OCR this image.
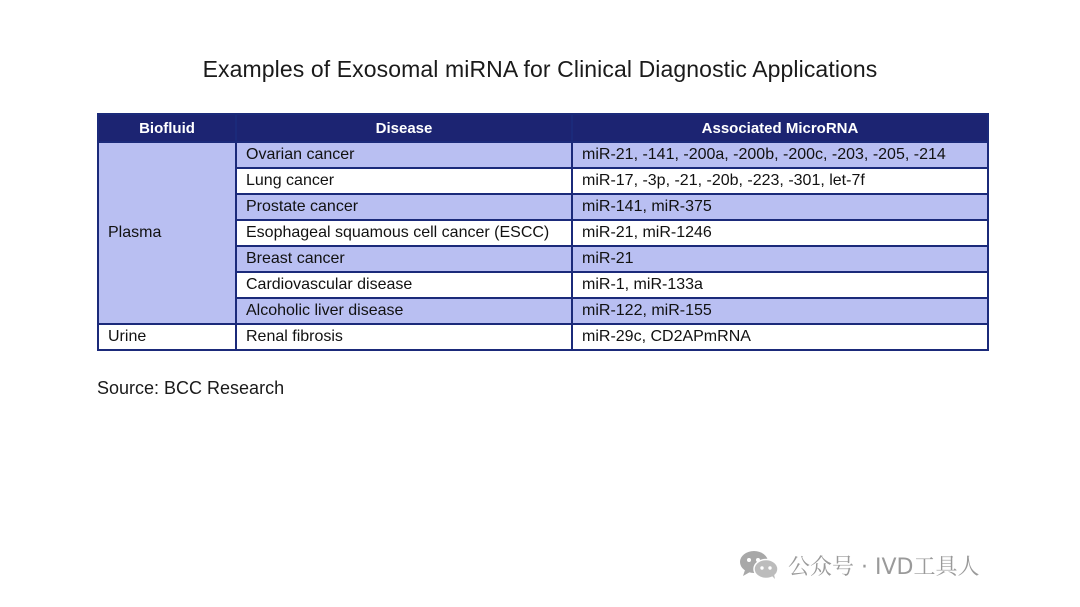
Examples of Exosomal miRNA for Clinical Diagnostic Applications
Biofluid	Disease	Associated MicroRNA
Plasma	Ovarian cancer	miR-21, -141, -200a, -200b, -200c, -203, -205, -214
	Lung cancer	miR-17, -3p, -21, -20b, -223, -301, let-7f
	Prostate cancer	miR-141, miR-375
	Esophageal squamous cell cancer (ESCC)	miR-21, miR-1246
	Breast cancer	miR-21
	Cardiovascular disease	miR-1, miR-133a
	Alcoholic liver disease	miR-122, miR-155
Urine	Renal fibrosis	miR-29c, CD2APmRNA
Source: BCC Research
公众号 · IVD工具人
